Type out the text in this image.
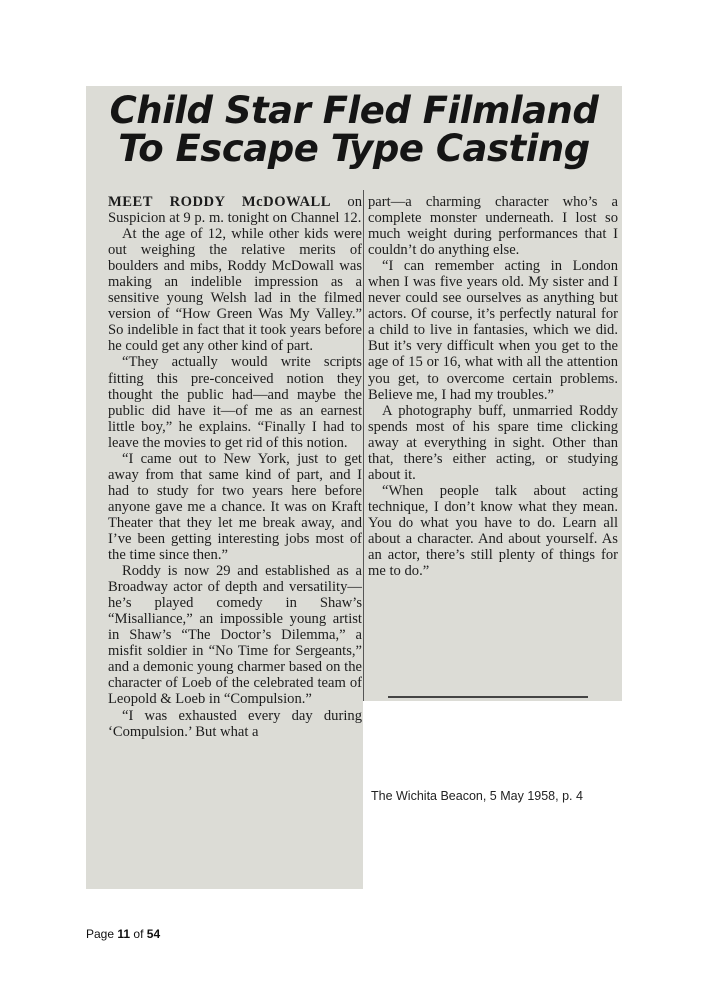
Child Star Fled Filmland
To Escape Type Casting

MEET RODDY McDOWALL on Suspicion at 9 p. m. tonight on Channel 12.

At the age of 12, while other kids were out weighing the relative merits of boulders and mibs, Roddy McDowall was making an indelible impression as a sensitive young Welsh lad in the filmed version of “How Green Was My Valley.” So indelible in fact that it took years before he could get any other kind of part.

“They actually would write scripts fitting this pre-conceived notion they thought the public had—and maybe the public did have it—of me as an earnest little boy,” he explains. “Finally I had to leave the movies to get rid of this notion.

“I came out to New York, just to get away from that same kind of part, and I had to study for two years here before anyone gave me a chance. It was on Kraft Theater that they let me break away, and I’ve been getting interesting jobs most of the time since then.”

Roddy is now 29 and established as a Broadway actor of depth and versatility—he’s played comedy in Shaw’s “Misalliance,” an impossible young artist in Shaw’s “The Doctor’s Dilemma,” a misfit soldier in “No Time for Sergeants,” and a demonic young charmer based on the character of Loeb of the celebrated team of Leopold & Loeb in “Compulsion.”

“I was exhausted every day during ‘Compulsion.’ But what a

part—a charming character who’s a complete monster underneath. I lost so much weight during performances that I couldn’t do anything else.

“I can remember acting in London when I was five years old. My sister and I never could see ourselves as anything but actors. Of course, it’s perfectly natural for a child to live in fantasies, which we did. But it’s very difficult when you get to the age of 15 or 16, what with all the attention you get, to overcome certain problems. Believe me, I had my troubles.”

A photography buff, unmarried Roddy spends most of his spare time clicking away at everything in sight. Other than that, there’s either acting, or studying about it.

“When people talk about acting technique, I don’t know what they mean. You do what you have to do. Learn all about a character. And about yourself. As an actor, there’s still plenty of things for me to do.”

The Wichita Beacon, 5 May 1958, p. 4
Page 11 of 54
